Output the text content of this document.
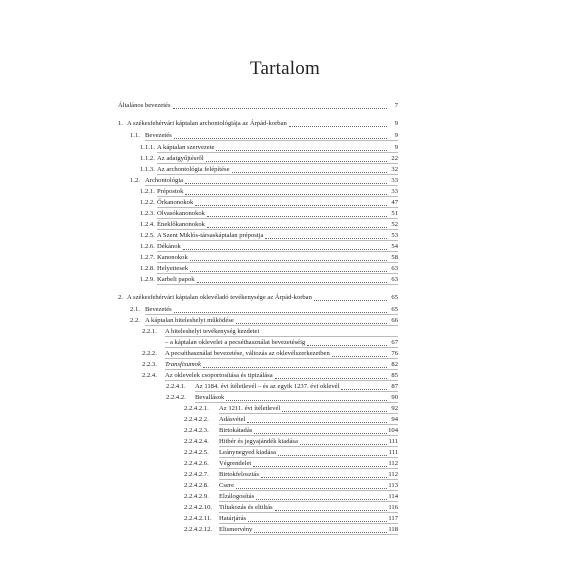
Tartalom
Általános bevezetés	7
1. A székesfehérvári káptalan archontológiája az Árpád-korban	9
1.1. Bevezetés	9
1.1.1. A káptalan szervezete	9
1.1.2. Az adatgyűjtésről	22
1.1.3. Az archontológia felépítése	32
1.2. Archontológia	33
1.2.1. Prépostok	33
1.2.2. Őrkanonokok	47
1.2.3. Olvasókanonokok	51
1.2.4. Éneklőkanonokok	52
1.2.5. A Szent Miklós-társaskáptalan prépostja	53
1.2.6. Dékánok	54
1.2.7. Kanonokok	58
1.2.8. Helyettesek	63
1.2.9. Karbeli papok	63
2. A székesfehérvári káptalan oklevéladó tevékenysége az Árpád-korban	65
2.1. Bevezetés	65
2.2. A káptalan hiteleshelyi működése	66
2.2.1.	A hiteleshelyi tevékenység kezdetei
– a káptalan oklevelei a pecséthasználat bevezetéséig	67
2.2.2.	A pecséthasználat bevezetése, változás az oklevélszerkezetben	76
2.2.3.	Transfixumok	82
2.2.4.	Az oklevelek csoportosítása és tipizálása	85
2.2.4.1.	Az 1184. évi ítéletlevél – és az egyik 1237. évi oklevél	87
2.2.4.2.	Bevallások	90
2.2.4.2.1.	Az 1211. évi ítéletlevél	92
2.2.4.2.2.	Adásvétel	94
2.2.4.2.3.	Birtokátadás	104
2.2.4.2.4.	Hitbér és jegyajándék kiadása	111
2.2.4.2.5.	Leánynegyed kiadása	111
2.2.4.2.6.	Végrendelet	112
2.2.4.2.7.	Birtokfelosztás	112
2.2.4.2.8.	Csere	113
2.2.4.2.9.	Elzálogosítás	114
2.2.4.2.10.	Tiltakozás és eltiltás	116
2.2.4.2.11.	Határjárás	117
2.2.4.2.12.	Elismervény	118
